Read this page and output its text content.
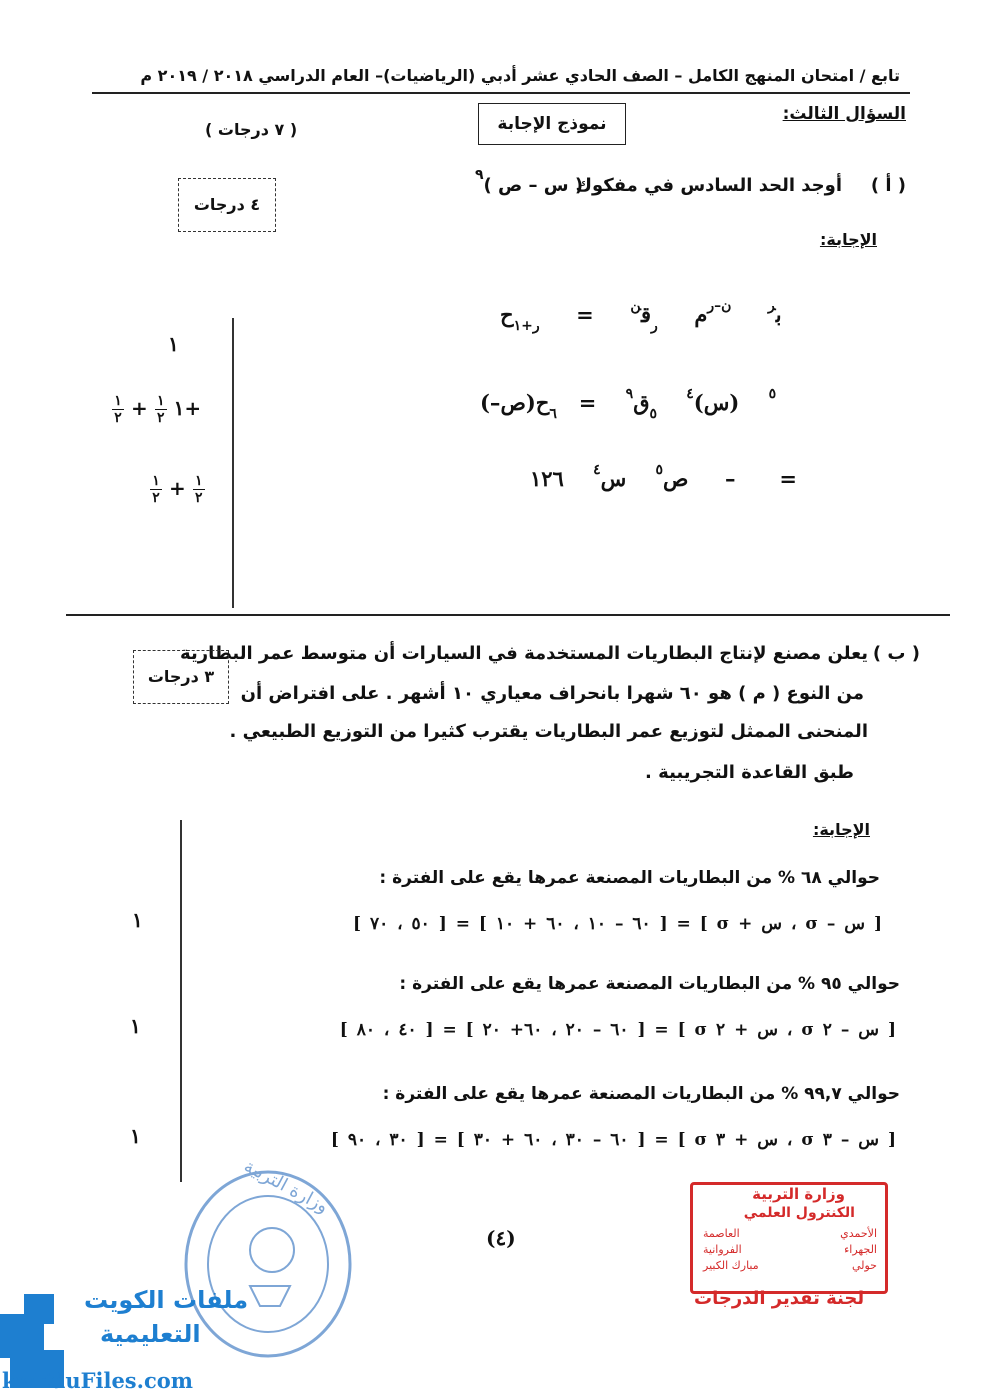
تابع / امتحان المنهج الكامل – الصف الحادي عشر أدبي (الرياضيات)– العام الدراسي ٢٠١٨ / ٢٠١٩ م
السؤال الثالث:
نموذج الإجابة
( ٧ درجات )
( أ )
أوجد الحد السادس في مفكوك
( س – ص )$^٩$
٤ درجات
الإجابة:
ب$^ر$     $^{ن-ر}$م     $_ر$ق$^ن$     =     $_{ر+١}$ح
(–ص)	$^٥$    (س)$^٤$    $_٥$ق$^٩$    =   $_٦$ح
ص$^٥$    س$^٤$    ١٢٦	– =
١
$\frac{١}{٢} + \frac{١}{٢}$ ١+
$\frac{١}{٢} + \frac{١}{٢}$
( ب )
يعلن مصنع لإنتاج البطاريات المستخدمة في السيارات أن متوسط عمر البطارية
من النوع ( م ) هو ٦٠ شهرا بانحراف معياري ١٠ أشهر . على افتراض أن
المنحنى الممثل لتوزيع عمر البطاريات يقترب كثيرا من التوزيع الطبيعي .
طبق القاعدة التجريبية .
٣ درجات
الإجابة:
حوالي ٦٨ % من البطاريات المصنعة عمرها يقع على الفترة :
[ س – σ ، س + σ ] = [ ٦٠ – ١٠ ، ٦٠ + ١٠ ] = [ ٥٠ ، ٧٠ ]
١
حوالي ٩٥ % من البطاريات المصنعة عمرها يقع على الفترة :
[ س – ٢ σ ، س + ٢ σ ] = [ ٦٠ – ٢٠ ، ٦٠+ ٢٠ ] = [ ٤٠ ، ٨٠ ]
١
حوالي ٩٩,٧ % من البطاريات المصنعة عمرها يقع على الفترة :
[ س – ٣ σ ، س + ٣ σ ] = [ ٦٠ – ٣٠ ، ٦٠ + ٣٠ ] = [ ٣٠ ، ٩٠ ]
١
(٤)
وزارة التربية	وزارة التربية
الكنترول العلمي
الأحمدي
الجهراء
حولي
العاصمة
الفروانية
مبارك الكبير
لجنة تقدير الدرجات
ملفات الكويت
التعليمية
kwEduFiles.com
